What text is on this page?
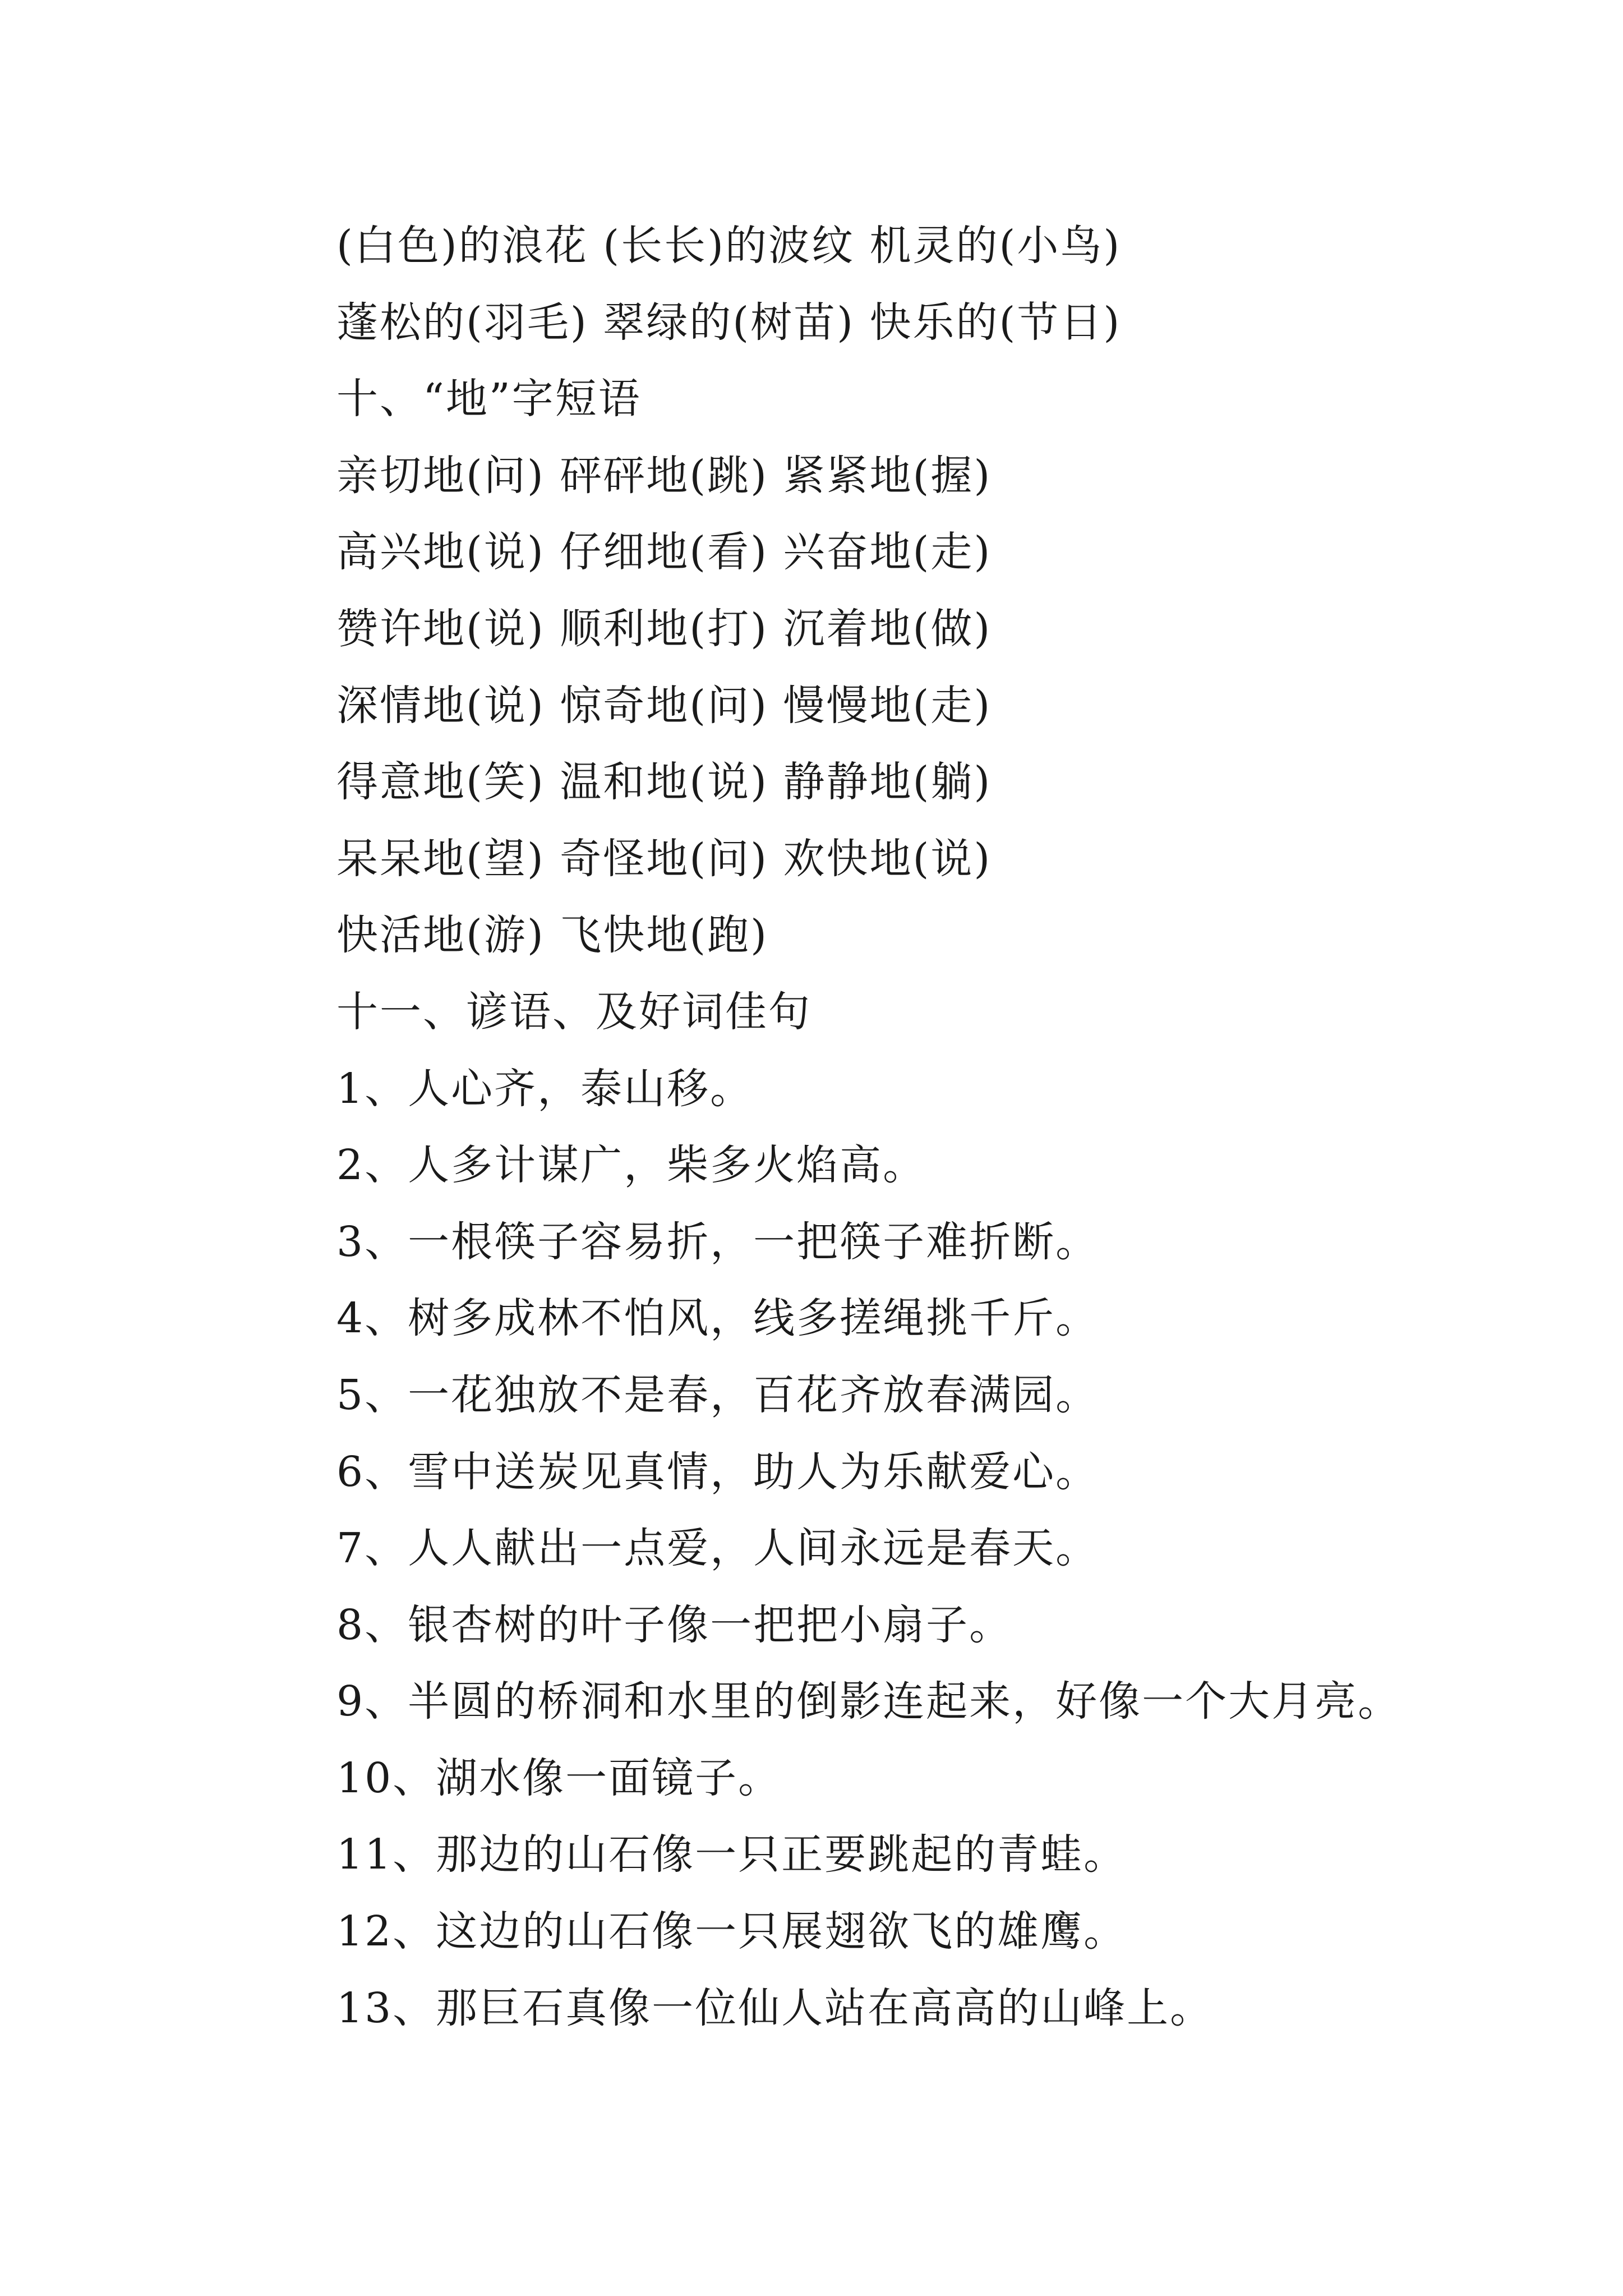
(白色)的浪花 (长长)的波纹 机灵的(小鸟)
蓬松的(羽毛) 翠绿的(树苗) 快乐的(节日)
十、“地”字短语
亲切地(问) 砰砰地(跳) 紧紧地(握)
高兴地(说) 仔细地(看) 兴奋地(走)
赞许地(说) 顺利地(打) 沉着地(做)
深情地(说) 惊奇地(问) 慢慢地(走)
得意地(笑) 温和地(说) 静静地(躺)
呆呆地(望) 奇怪地(问) 欢快地(说)
快活地(游) 飞快地(跑)
十一、谚语、及好词佳句
1、人心齐，泰山移。
2、人多计谋广，柴多火焰高。
3、一根筷子容易折，一把筷子难折断。
4、树多成林不怕风，线多搓绳挑千斤。
5、一花独放不是春，百花齐放春满园。
6、雪中送炭见真情，助人为乐献爱心。
7、人人献出一点爱，人间永远是春天。
8、银杏树的叶子像一把把小扇子。
9、半圆的桥洞和水里的倒影连起来，好像一个大月亮。
10、湖水像一面镜子。
11、那边的山石像一只正要跳起的青蛙。
12、这边的山石像一只展翅欲飞的雄鹰。
13、那巨石真像一位仙人站在高高的山峰上。
